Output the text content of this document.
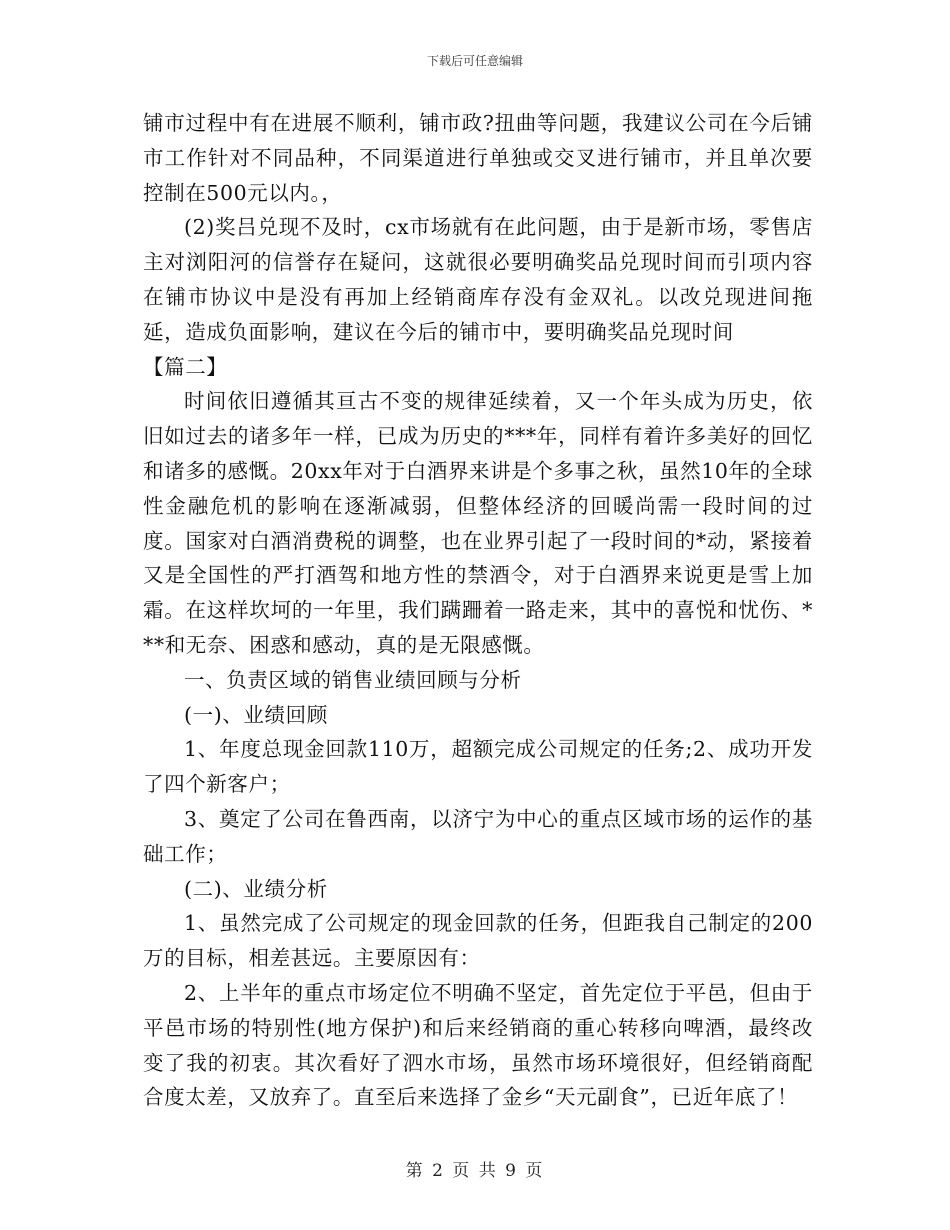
下载后可任意编辑

铺市过程中有在进展不顺利，铺市政?扭曲等问题，我建议公司在今后铺市工作针对不同品种，不同渠道进行单独或交叉进行铺市，并且单次要控制在500元以内。，

(2)奖吕兑现不及时，cx市场就有在此问题，由于是新市场，零售店主对浏阳河的信誉存在疑问，这就很必要明确奖品兑现时间而引项内容在铺市协议中是没有再加上经销商库存没有金双礼。以改兑现进间拖延，造成负面影响，建议在今后的铺市中，要明确奖品兑现时间

【篇二】

时间依旧遵循其亘古不变的规律延续着，又一个年头成为历史，依旧如过去的诸多年一样，已成为历史的***年，同样有着许多美好的回忆和诸多的感慨。20xx年对于白酒界来讲是个多事之秋，虽然10年的全球性金融危机的影响在逐渐减弱，但整体经济的回暖尚需一段时间的过度。国家对白酒消费税的调整，也在业界引起了一段时间的*动，紧接着又是全国性的严打酒驾和地方性的禁酒令，对于白酒界来说更是雪上加霜。在这样坎坷的一年里，我们蹒跚着一路走来，其中的喜悦和忧伤、***和无奈、困惑和感动，真的是无限感慨。

一、负责区域的销售业绩回顾与分析

(一)、业绩回顾

1、年度总现金回款110万，超额完成公司规定的任务;2、成功开发了四个新客户；

3、奠定了公司在鲁西南，以济宁为中心的重点区域市场的运作的基础工作；

(二)、业绩分析

1、虽然完成了公司规定的现金回款的任务，但距我自己制定的200万的目标，相差甚远。主要原因有：

2、上半年的重点市场定位不明确不坚定，首先定位于平邑，但由于平邑市场的特别性(地方保护)和后来经销商的重心转移向啤酒，最终改变了我的初衷。其次看好了泗水市场，虽然市场环境很好，但经销商配合度太差，又放弃了。直至后来选择了金乡“天元副食”，已近年底了！

第 2 页 共 9 页
